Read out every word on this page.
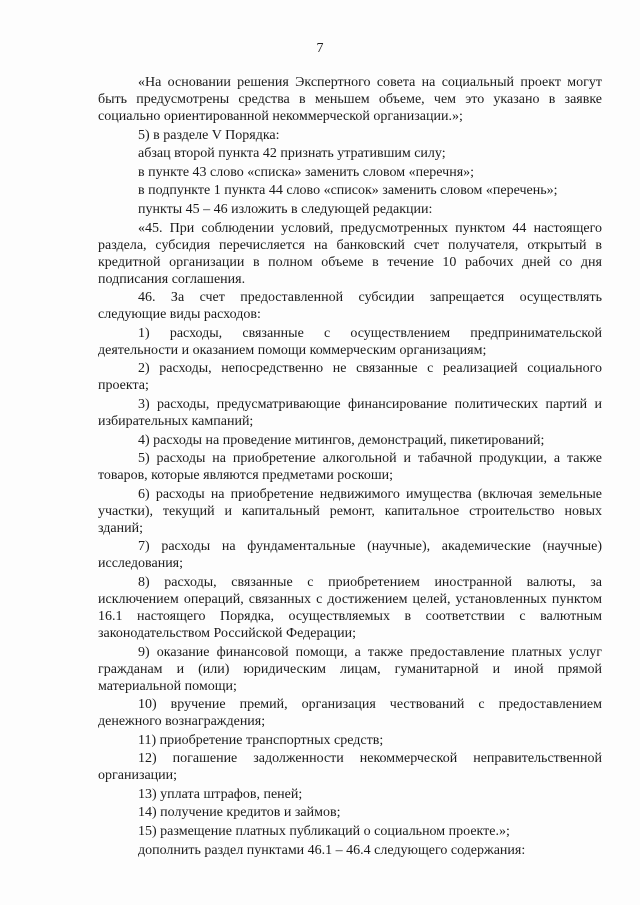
7

«На основании решения Экспертного совета на социальный проект могут быть предусмотрены средства в меньшем объеме, чем это указано в заявке социально ориентированной некоммерческой организации.»;

5) в разделе V Порядка:

абзац второй пункта 42 признать утратившим силу;

в пункте 43 слово «списка» заменить словом «перечня»;

в подпункте 1 пункта 44 слово «список» заменить словом «перечень»;

пункты 45 – 46 изложить в следующей редакции:

«45. При соблюдении условий, предусмотренных пунктом 44 настоящего раздела, субсидия перечисляется на банковский счет получателя, открытый в кредитной организации в полном объеме в течение 10 рабочих дней со дня подписания соглашения.

46. За счет предоставленной субсидии запрещается осуществлять следующие виды расходов:

1) расходы, связанные с осуществлением предпринимательской деятельности и оказанием помощи коммерческим организациям;

2) расходы, непосредственно не связанные с реализацией социального проекта;

3) расходы, предусматривающие финансирование политических партий и избирательных кампаний;

4) расходы на проведение митингов, демонстраций, пикетирований;

5) расходы на приобретение алкогольной и табачной продукции, а также товаров, которые являются предметами роскоши;

6) расходы на приобретение недвижимого имущества (включая земельные участки), текущий и капитальный ремонт, капитальное строительство новых зданий;

7) расходы на фундаментальные (научные), академические (научные) исследования;

8) расходы, связанные с приобретением иностранной валюты, за исключением операций, связанных с достижением целей, установленных пунктом 16.1 настоящего Порядка, осуществляемых в соответствии с валютным законодательством Российской Федерации;

9) оказание финансовой помощи, а также предоставление платных услуг гражданам и (или) юридическим лицам, гуманитарной и иной прямой материальной помощи;

10) вручение премий, организация чествований с предоставлением денежного вознаграждения;

11) приобретение транспортных средств;

12) погашение задолженности некоммерческой неправительственной организации;

13) уплата штрафов, пеней;

14) получение кредитов и займов;

15) размещение платных публикаций о социальном проекте.»;

дополнить раздел пунктами 46.1 – 46.4 следующего содержания:
